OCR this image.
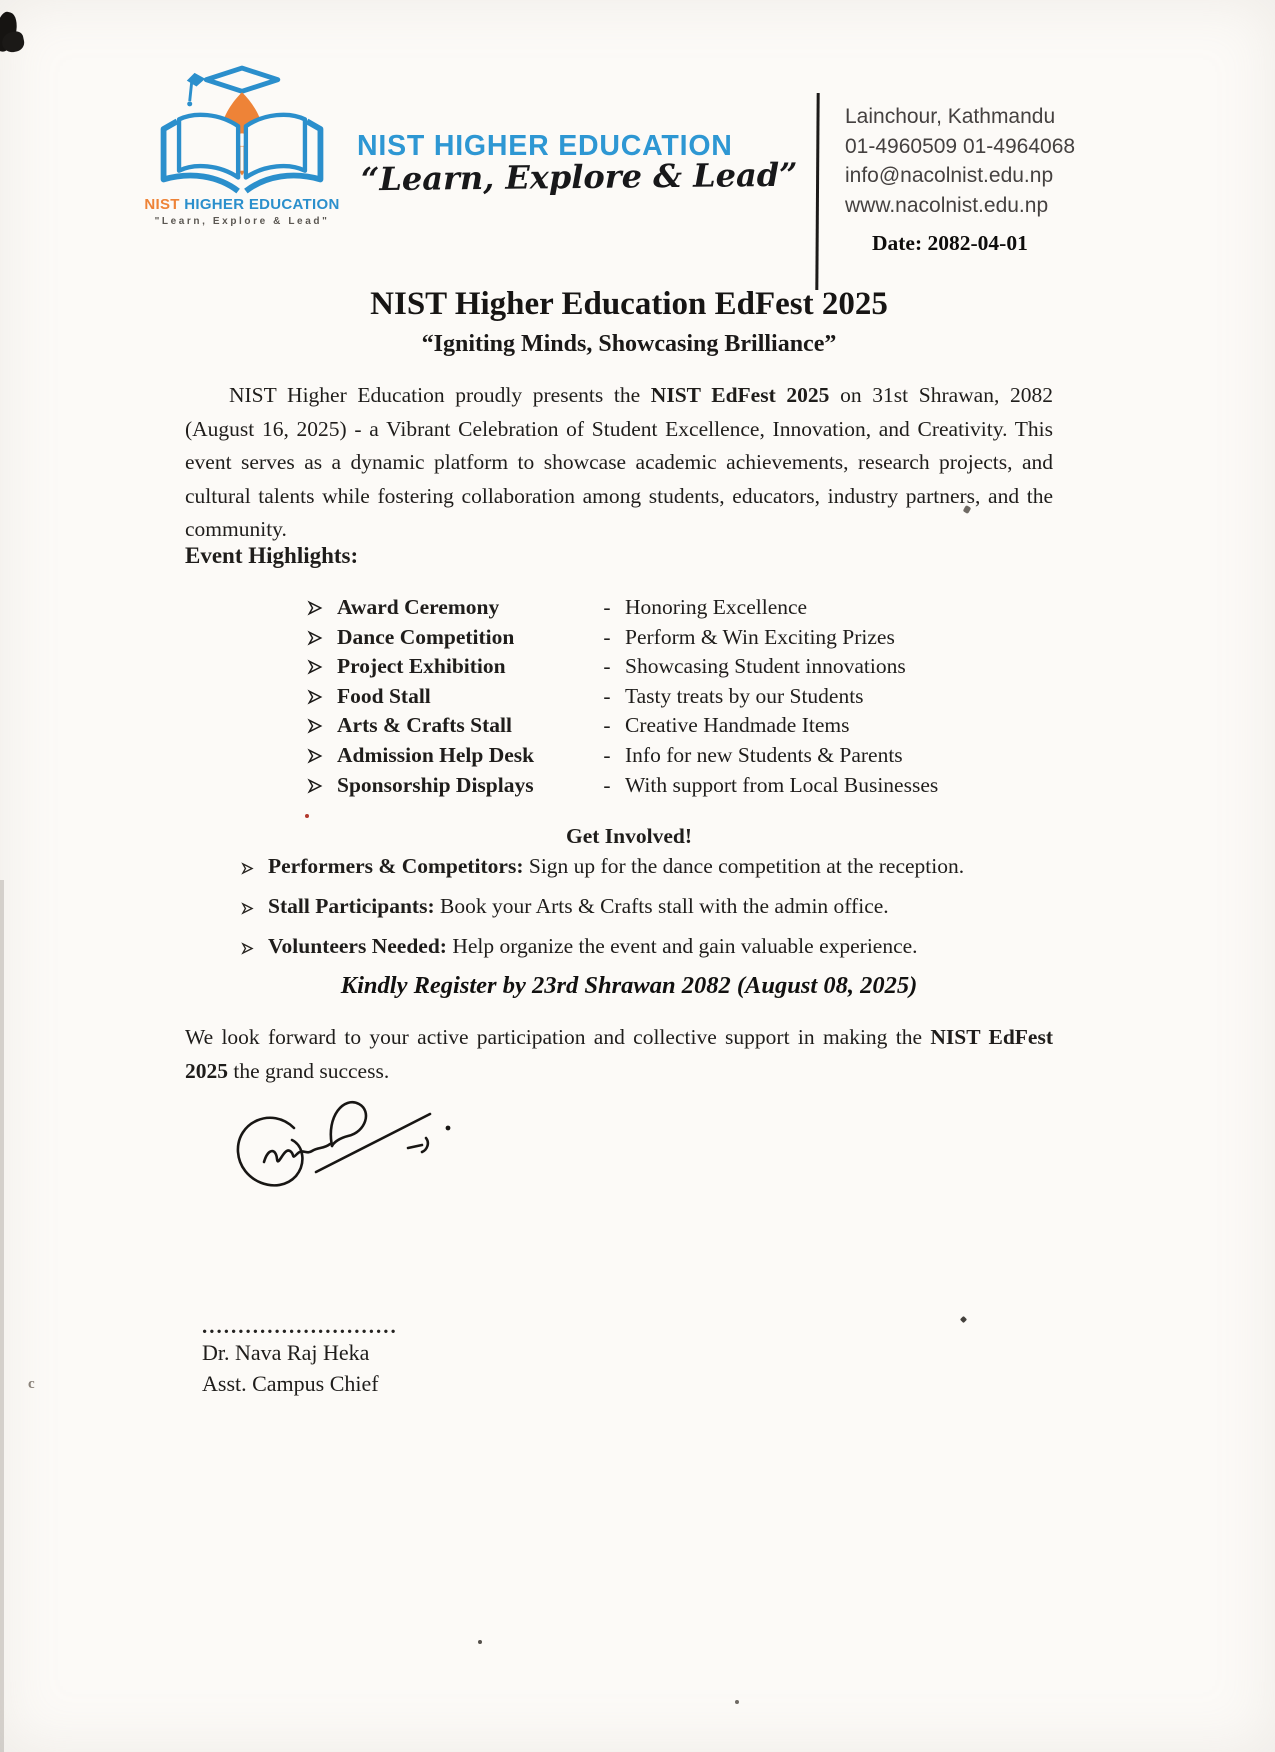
c
NIST HIGHER EDUCATION
"Learn, Explore & Lead"
NIST HIGHER EDUCATION
“Learn, Explore & Lead”
Lainchour, Kathmandu
01-4960509 01-4964068
info@nacolnist.edu.np
www.nacolnist.edu.np
Date: 2082-04-01
NIST Higher Education EdFest 2025
“Igniting Minds, Showcasing Brilliance”
NIST Higher Education proudly presents the NIST EdFest 2025 on 31st Shrawan, 2082 (August 16, 2025) - a Vibrant Celebration of Student Excellence, Innovation, and Creativity. This event serves as a dynamic platform to showcase academic achievements, research projects, and cultural talents while fostering collaboration among students, educators, industry partners, and the community.
Event Highlights:
Award Ceremony	- Honoring Excellence
Dance Competition	- Perform & Win Exciting Prizes
Project Exhibition	- Showcasing Student innovations
Food Stall	- Tasty treats by our Students
Arts & Crafts Stall	- Creative Handmade Items
Admission Help Desk	- Info for new Students & Parents
Sponsorship Displays	- With support from Local Businesses
Get Involved!
Performers & Competitors: Sign up for the dance competition at the reception.
Stall Participants: Book your Arts & Crafts stall with the admin office.
Volunteers Needed: Help organize the event and gain valuable experience.
Kindly Register by 23rd Shrawan 2082 (August 08, 2025)
We look forward to your active participation and collective support in making the NIST EdFest 2025 the grand success.
...........................
Dr. Nava Raj Heka
Asst. Campus Chief
